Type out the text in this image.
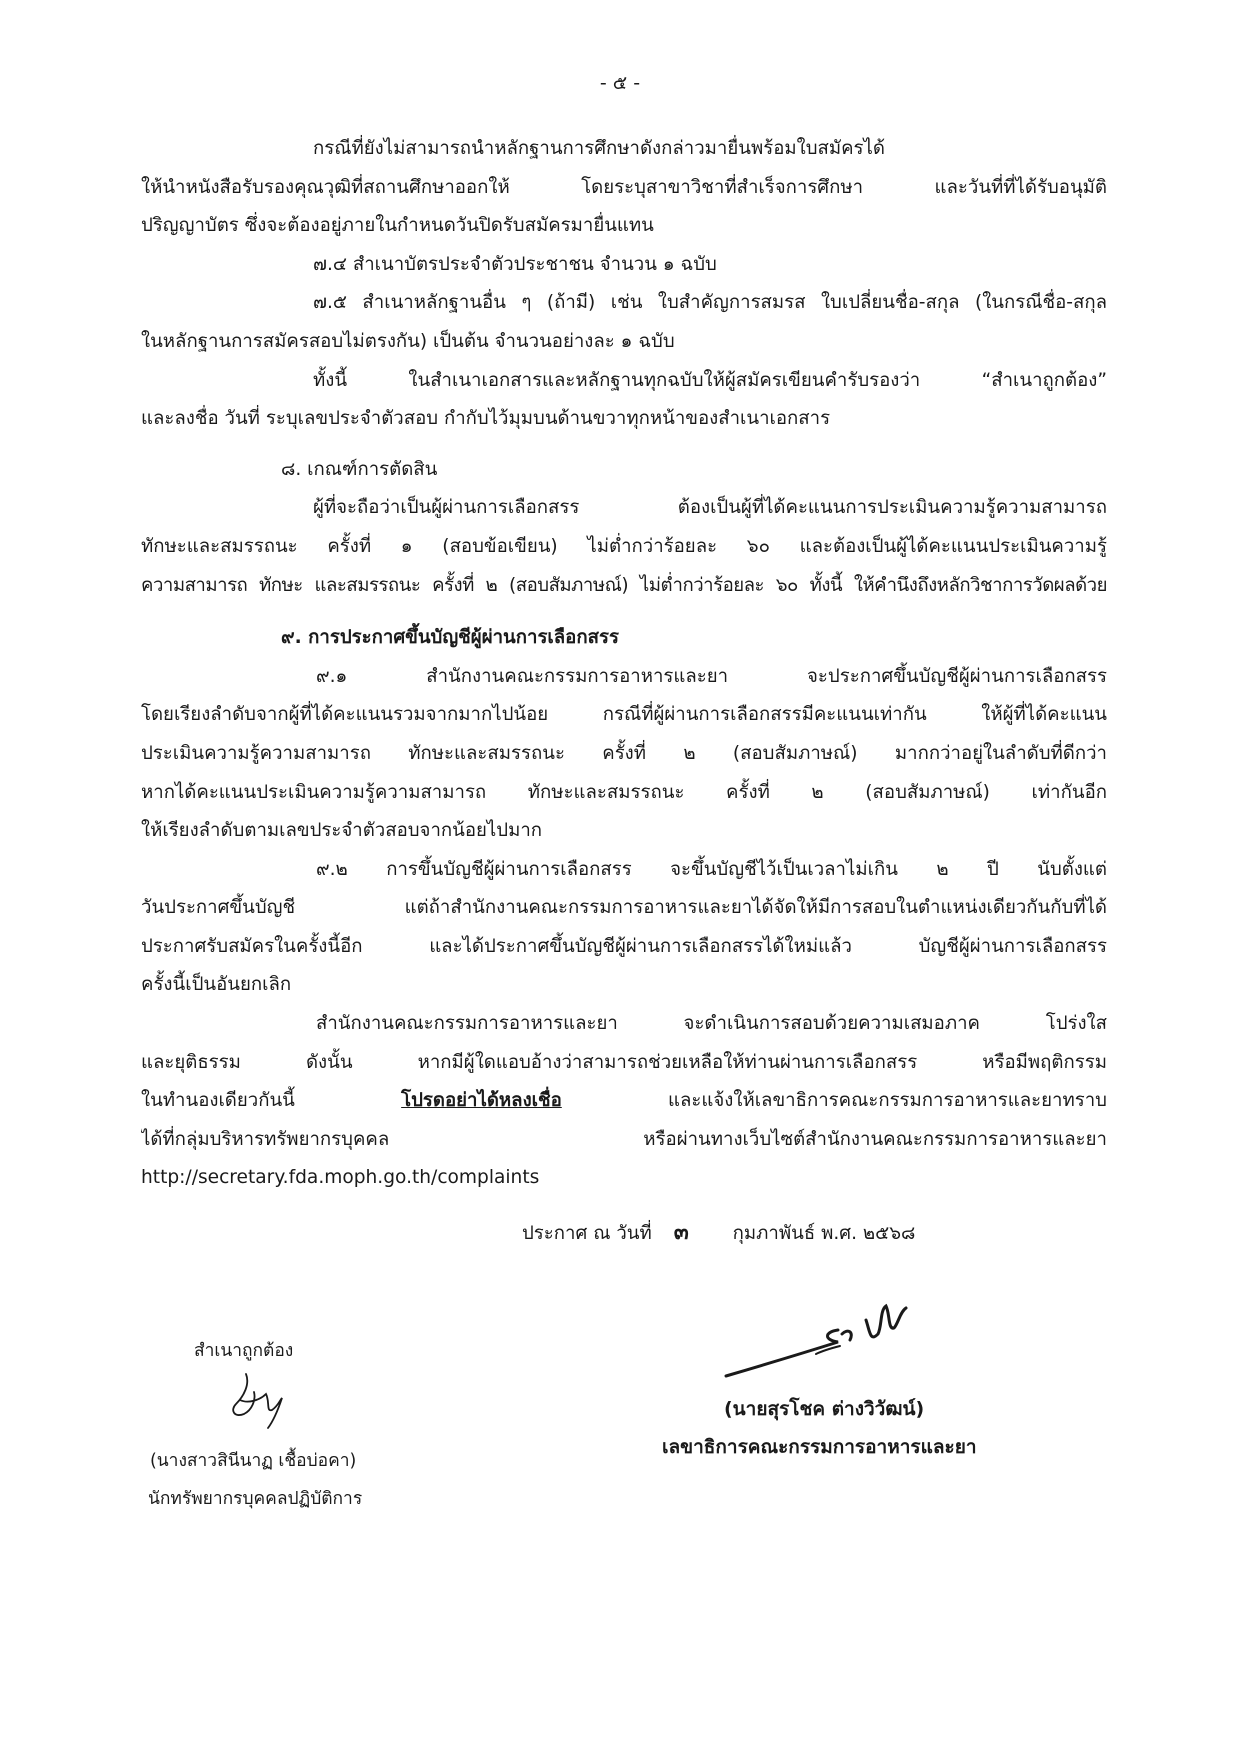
- ๕ -
กรณีที่ยังไม่สามารถนำหลักฐานการศึกษาดังกล่าวมายื่นพร้อมใบสมัครได้
ให้นำหนังสือรับรองคุณวุฒิที่สถานศึกษาออกให้ โดยระบุสาขาวิชาที่สำเร็จการศึกษา และวันที่ที่ได้รับอนุมัติ
ปริญญาบัตร ซึ่งจะต้องอยู่ภายในกำหนดวันปิดรับสมัครมายื่นแทน
๗.๔ สำเนาบัตรประจำตัวประชาชน จำนวน ๑ ฉบับ
๗.๕ สำเนาหลักฐานอื่น ๆ (ถ้ามี) เช่น ใบสำคัญการสมรส ใบเปลี่ยนชื่อ-สกุล (ในกรณีชื่อ-สกุล
ในหลักฐานการสมัครสอบไม่ตรงกัน) เป็นต้น จำนวนอย่างละ ๑ ฉบับ
ทั้งนี้ ในสำเนาเอกสารและหลักฐานทุกฉบับให้ผู้สมัครเขียนคำรับรองว่า “สำเนาถูกต้อง”
และลงชื่อ วันที่ ระบุเลขประจำตัวสอบ กำกับไว้มุมบนด้านขวาทุกหน้าของสำเนาเอกสาร
๘. เกณฑ์การตัดสิน
ผู้ที่จะถือว่าเป็นผู้ผ่านการเลือกสรร ต้องเป็นผู้ที่ได้คะแนนการประเมินความรู้ความสามารถ
ทักษะและสมรรถนะ ครั้งที่ ๑ (สอบข้อเขียน) ไม่ต่ำกว่าร้อยละ ๖๐ และต้องเป็นผู้ได้คะแนนประเมินความรู้
ความสามารถ ทักษะ และสมรรถนะ ครั้งที่ ๒ (สอบสัมภาษณ์) ไม่ต่ำกว่าร้อยละ ๖๐ ทั้งนี้ ให้คำนึงถึงหลักวิชาการวัดผลด้วย
๙. การประกาศขึ้นบัญชีผู้ผ่านการเลือกสรร
๙.๑ สำนักงานคณะกรรมการอาหารและยา จะประกาศขึ้นบัญชีผู้ผ่านการเลือกสรร
โดยเรียงลำดับจากผู้ที่ได้คะแนนรวมจากมากไปน้อย กรณีที่ผู้ผ่านการเลือกสรรมีคะแนนเท่ากัน ให้ผู้ที่ได้คะแนน
ประเมินความรู้ความสามารถ ทักษะและสมรรถนะ ครั้งที่ ๒ (สอบสัมภาษณ์) มากกว่าอยู่ในลำดับที่ดีกว่า
หากได้คะแนนประเมินความรู้ความสามารถ ทักษะและสมรรถนะ ครั้งที่ ๒ (สอบสัมภาษณ์) เท่ากันอีก
ให้เรียงลำดับตามเลขประจำตัวสอบจากน้อยไปมาก
๙.๒ การขึ้นบัญชีผู้ผ่านการเลือกสรร จะขึ้นบัญชีไว้เป็นเวลาไม่เกิน ๒ ปี นับตั้งแต่
วันประกาศขึ้นบัญชี แต่ถ้าสำนักงานคณะกรรมการอาหารและยาได้จัดให้มีการสอบในตำแหน่งเดียวกันกับที่ได้
ประกาศรับสมัครในครั้งนี้อีก และได้ประกาศขึ้นบัญชีผู้ผ่านการเลือกสรรได้ใหม่แล้ว บัญชีผู้ผ่านการเลือกสรร
ครั้งนี้เป็นอันยกเลิก
สำนักงานคณะกรรมการอาหารและยา จะดำเนินการสอบด้วยความเสมอภาค โปร่งใส
และยุติธรรม ดังนั้น หากมีผู้ใดแอบอ้างว่าสามารถช่วยเหลือให้ท่านผ่านการเลือกสรร หรือมีพฤติกรรม
ในทำนองเดียวกันนี้	โปรดอย่าได้หลงเชื่อ	และแจ้งให้เลขาธิการคณะกรรมการอาหารและยาทราบ
ได้ที่กลุ่มบริหารทรัพยากรบุคคล หรือผ่านทางเว็บไซต์สำนักงานคณะกรรมการอาหารและยา
http://secretary.fda.moph.go.th/complaints
ประกาศ ณ วันที่ ๓ กุมภาพันธ์ พ.ศ. ๒๕๖๘
สำเนาถูกต้อง
(นางสาวสินีนาฏ เชื้อบ่อคา)
นักทรัพยากรบุคคลปฏิบัติการ
(นายสุรโชค ต่างวิวัฒน์)
เลขาธิการคณะกรรมการอาหารและยา
